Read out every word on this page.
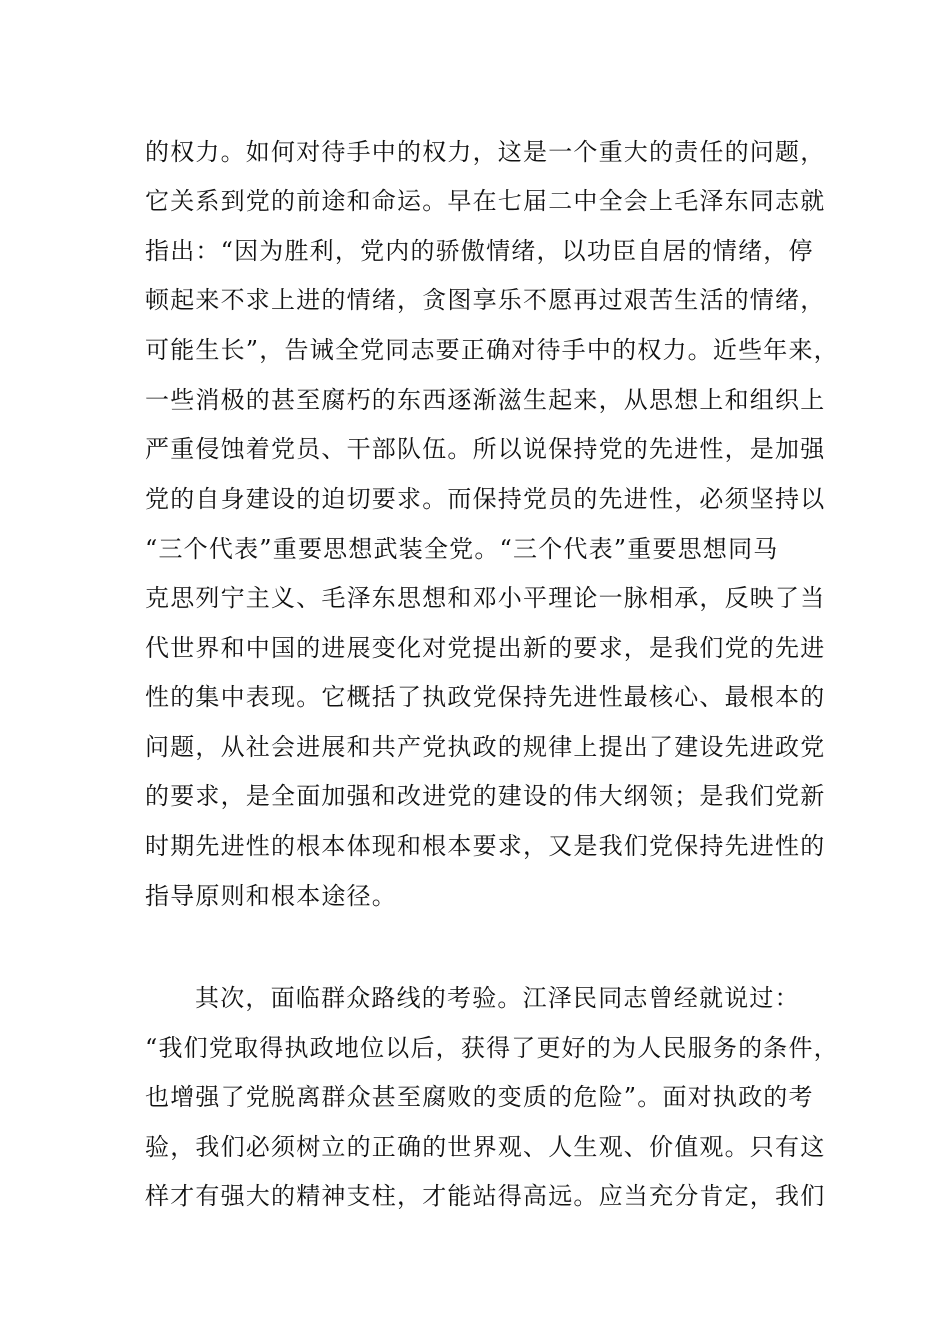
的权力。如何对待手中的权力，这是一个重大的责任的问题，
它关系到党的前途和命运。早在七届二中全会上毛泽东同志就
指出：“因为胜利，党内的骄傲情绪，以功臣自居的情绪，停
顿起来不求上进的情绪，贪图享乐不愿再过艰苦生活的情绪，
可能生长”，告诫全党同志要正确对待手中的权力。近些年来，
一些消极的甚至腐朽的东西逐渐滋生起来，从思想上和组织上
严重侵蚀着党员、干部队伍。所以说保持党的先进性，是加强
党的自身建设的迫切要求。而保持党员的先进性，必须坚持以
“三个代表”重要思想武装全党。“三个代表”重要思想同马
克思列宁主义、毛泽东思想和邓小平理论一脉相承，反映了当
代世界和中国的进展变化对党提出新的要求，是我们党的先进
性的集中表现。它概括了执政党保持先进性最核心、最根本的
问题，从社会进展和共产党执政的规律上提出了建设先进政党
的要求，是全面加强和改进党的建设的伟大纲领；是我们党新
时期先进性的根本体现和根本要求，又是我们党保持先进性的
指导原则和根本途径。
其次，面临群众路线的考验。江泽民同志曾经就说过：
“我们党取得执政地位以后，获得了更好的为人民服务的条件，
也增强了党脱离群众甚至腐败的变质的危险”。面对执政的考
验，我们必须树立的正确的世界观、人生观、价值观。只有这
样才有强大的精神支柱，才能站得高远。应当充分肯定，我们
